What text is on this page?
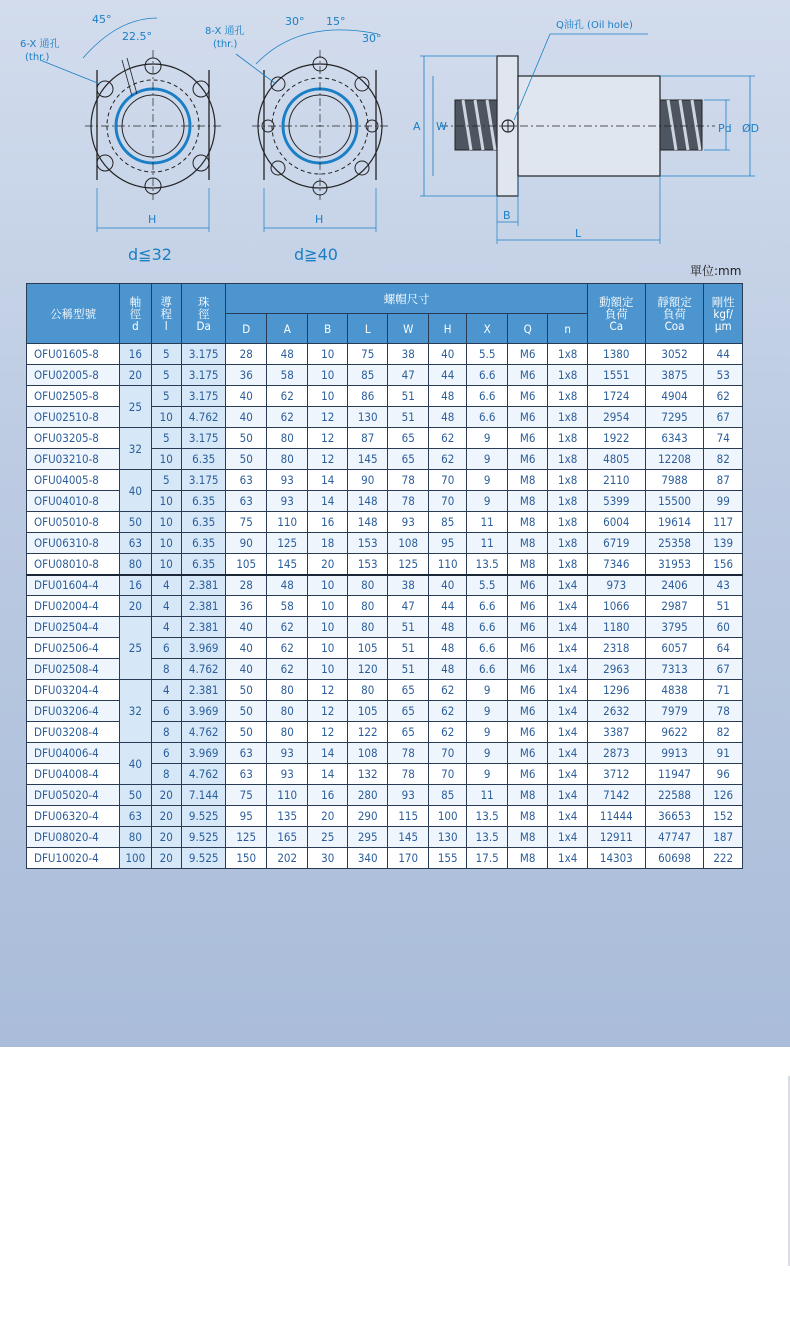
45°
22.5°
6-X 通孔
(thr.)
H
30° 15°
30°
8-X 通孔
(thr.)
H
Q油孔 (Oil hole)
A W
B
L
Pd ØD
d≦32	d≧40
單位:mm
公稱型號	軸
徑
d	導
程
l	珠
徑
Da	螺帽尺寸									動額定
負荷
Ca	靜額定
負荷
Coa	剛性
kgf/
μm
				D	A	B	L	W	H	X	Q	n			
OFU01605-8	16	5	3.175	28	48	10	75	38	40	5.5	M6	1x8	1380	3052	44
OFU02005-8	20	5	3.175	36	58	10	85	47	44	6.6	M6	1x8	1551	3875	53
OFU02505-8	25	5	3.175	40	62	10	86	51	48	6.6	M6	1x8	1724	4904	62
OFU02510-8		10	4.762	40	62	12	130	51	48	6.6	M6	1x8	2954	7295	67
OFU03205-8	32	5	3.175	50	80	12	87	65	62	9	M6	1x8	1922	6343	74
OFU03210-8		10	6.35	50	80	12	145	65	62	9	M6	1x8	4805	12208	82
OFU04005-8	40	5	3.175	63	93	14	90	78	70	9	M8	1x8	2110	7988	87
OFU04010-8		10	6.35	63	93	14	148	78	70	9	M8	1x8	5399	15500	99
OFU05010-8	50	10	6.35	75	110	16	148	93	85	11	M8	1x8	6004	19614	117
OFU06310-8	63	10	6.35	90	125	18	153	108	95	11	M8	1x8	6719	25358	139
OFU08010-8	80	10	6.35	105	145	20	153	125	110	13.5	M8	1x8	7346	31953	156
DFU01604-4	16	4	2.381	28	48	10	80	38	40	5.5	M6	1x4	973	2406	43
DFU02004-4	20	4	2.381	36	58	10	80	47	44	6.6	M6	1x4	1066	2987	51
DFU02504-4	25	4	2.381	40	62	10	80	51	48	6.6	M6	1x4	1180	3795	60
DFU02506-4		6	3.969	40	62	10	105	51	48	6.6	M6	1x4	2318	6057	64
DFU02508-4		8	4.762	40	62	10	120	51	48	6.6	M6	1x4	2963	7313	67
DFU03204-4	32	4	2.381	50	80	12	80	65	62	9	M6	1x4	1296	4838	71
DFU03206-4		6	3.969	50	80	12	105	65	62	9	M6	1x4	2632	7979	78
DFU03208-4		8	4.762	50	80	12	122	65	62	9	M6	1x4	3387	9622	82
DFU04006-4	40	6	3.969	63	93	14	108	78	70	9	M6	1x4	2873	9913	91
DFU04008-4		8	4.762	63	93	14	132	78	70	9	M6	1x4	3712	11947	96
DFU05020-4	50	20	7.144	75	110	16	280	93	85	11	M8	1x4	7142	22588	126
DFU06320-4	63	20	9.525	95	135	20	290	115	100	13.5	M8	1x4	11444	36653	152
DFU08020-4	80	20	9.525	125	165	25	295	145	130	13.5	M8	1x4	12911	47747	187
DFU10020-4	100	20	9.525	150	202	30	340	170	155	17.5	M8	1x4	14303	60698	222
